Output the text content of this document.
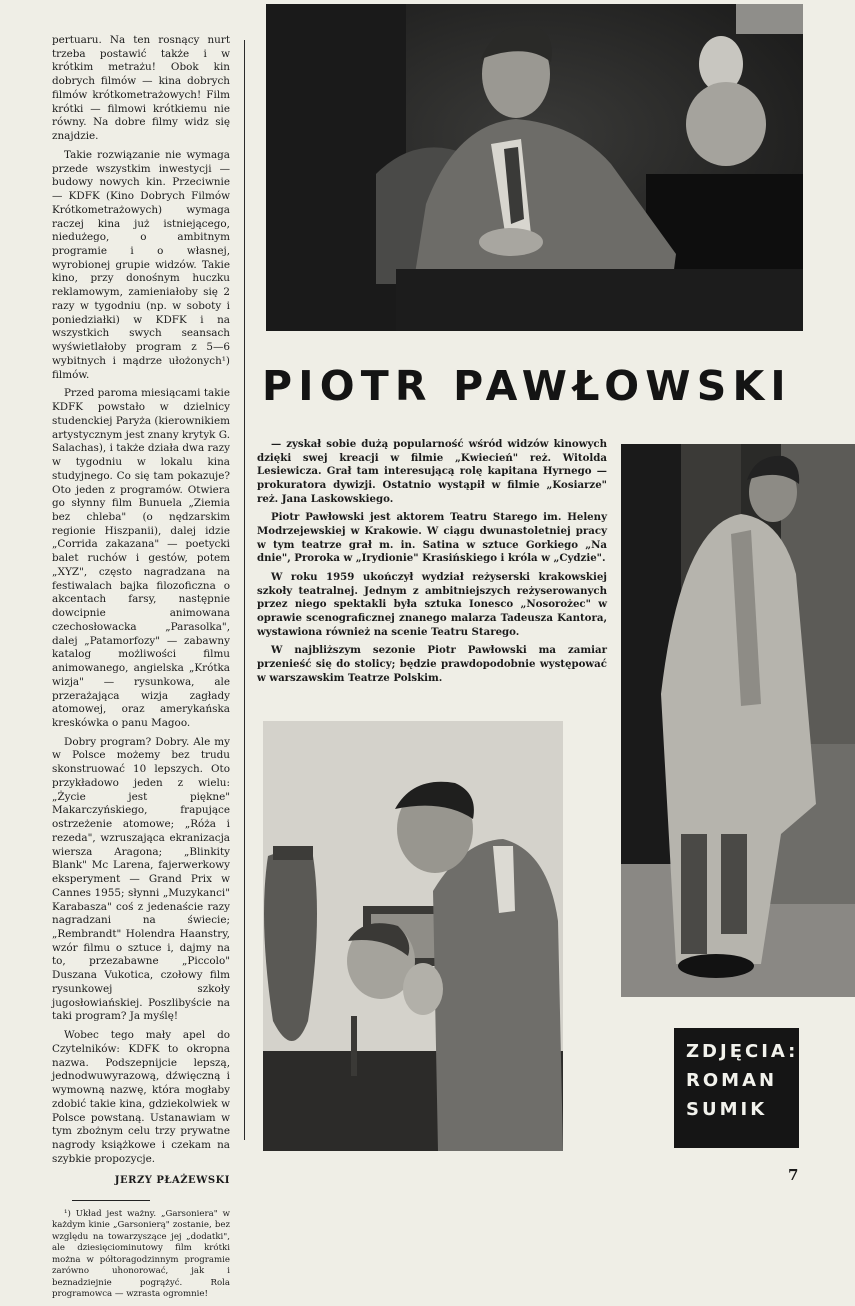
pertuaru. Na ten rosnący nurt trzeba postawić także i w krótkim metrażu! Obok kin dobrych filmów — kina dobrych filmów krótkometrażowych! Film krótki — filmowi krótkiemu nie równy. Na dobre filmy widz się znajdzie.

Takie rozwiązanie nie wymaga przede wszystkim inwestycji — budowy nowych kin. Przeciwnie — KDFK (Kino Dobrych Filmów Krótkometrażowych) wymaga raczej kina już istniejącego, niedużego, o ambitnym programie i o własnej, wyrobionej grupie widzów. Takie kino, przy donośnym huczku reklamowym, zamieniałoby się 2 razy w tygodniu (np. w soboty i poniedziałki) w KDFK i na wszystkich swych seansach wyświetlałoby program z 5—6 wybitnych i mądrze ułożonych¹) filmów.

Przed paroma miesiącami takie KDFK powstało w dzielnicy studenckiej Paryża (kierownikiem artystycznym jest znany krytyk G. Salachas), i także działa dwa razy w tygodniu w lokalu kina studyjnego. Co się tam pokazuje? Oto jeden z programów. Otwiera go słynny film Bunuela „Ziemia bez chleba" (o nędzarskim regionie Hiszpanii), dalej idzie „Corrida zakazana" — poetycki balet ruchów i gestów, potem „XYZ", często nagradzana na festiwalach bajka filozoficzna o akcentach farsy, następnie dowcipnie animowana czechosłowacka „Parasolka", dalej „Patamorfozy" — zabawny katalog możliwości filmu animowanego, angielska „Krótka wizja" — rysunkowa, ale przerażająca wizja zagłady atomowej, oraz amerykańska kreskówka o panu Magoo.

Dobry program? Dobry. Ale my w Polsce możemy bez trudu skonstruować 10 lepszych. Oto przykładowo jeden z wielu: „Życie jest piękne" Makarczyńskiego, frapujące ostrzeżenie atomowe; „Róża i rezeda", wzruszająca ekranizacja wiersza Aragona; „Blinkity Blank" Mc Larena, fajerwerkowy eksperyment — Grand Prix w Cannes 1955; słynni „Muzykanci" Karabasza" coś z jedenaście razy nagradzani na świecie; „Rembrandt" Holendra Haanstry, wzór filmu o sztuce i, dajmy na to, przezabawne „Piccolo" Duszana Vukotica, czołowy film rysunkowej szkoły jugosłowiańskiej. Poszlibyście na taki program? Ja myślę!

Wobec tego mały apel do Czytelników: KDFK to okropna nazwa. Podszepnijcie lepszą, jednodwuwyrazową, dźwięczną i wymowną nazwę, która mogłaby zdobić takie kina, gdziekolwiek w Polsce powstaną. Ustanawiam w tym zbożnym celu trzy prywatne nagrody książkowe i czekam na szybkie propozycje.

JERZY PŁAŻEWSKI

¹) Układ jest ważny. „Garsoniera" w każdym kinie „Garsonierą" zostanie, bez względu na towarzyszące jej „dodatki", ale dziesięciominutowy film krótki można w półtoragodzinnym programie zarówno uhonorować, jak i beznadziejnie pogrążyć. Rola programowca — wzrasta ogromnie!

PIOTR PAWŁOWSKI

— zyskał sobie dużą popularność wśród widzów kinowych dzięki swej kreacji w filmie „Kwiecień" reż. Witolda Lesiewicza. Grał tam interesującą rolę kapitana Hyrnego — prokuratora dywizji. Ostatnio wystąpił w filmie „Kosiarze" reż. Jana Laskowskiego.

Piotr Pawłowski jest aktorem Teatru Starego im. Heleny Modrzejewskiej w Krakowie. W ciągu dwunastoletniej pracy w tym teatrze grał m. in. Satina w sztuce Gorkiego „Na dnie", Proroka w „Irydionie" Krasińskiego i króla w „Cydzie".

W roku 1959 ukończył wydział reżyserski krakowskiej szkoły teatralnej. Jednym z ambitniejszych reżyserowanych przez niego spektakli była sztuka Ionesco „Nosorożec" w oprawie scenograficznej znanego malarza Tadeusza Kantora, wystawiona również na scenie Teatru Starego.

W najbliższym sezonie Piotr Pawłowski ma zamiar przenieść się do stolicy; będzie prawdopodobnie występować w warszawskim Teatrze Polskim.

ZDJĘCIA:
ROMAN
SUMIK
7
